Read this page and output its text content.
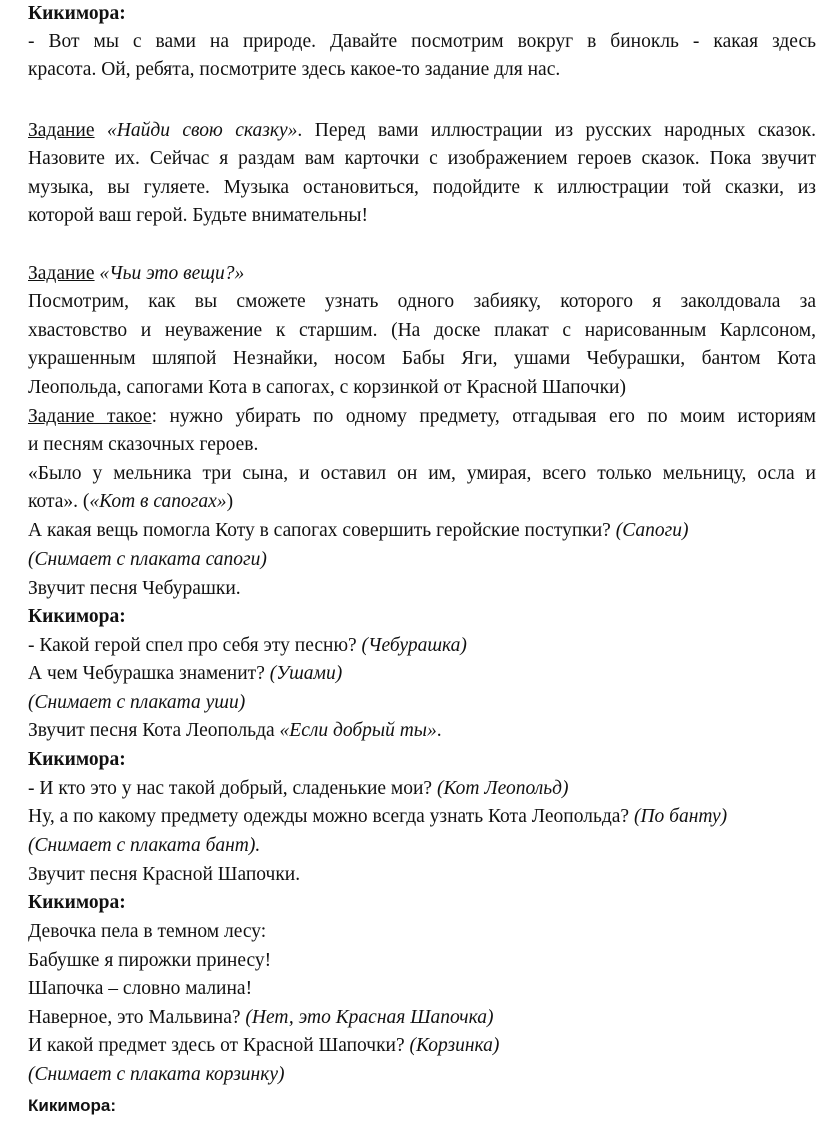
Кикимора:
- Вот мы с вами на природе. Давайте посмотрим вокруг в бинокль - какая здесь
красота. Ой, ребята, посмотрите здесь какое-то задание для нас.
Задание «Найди свою сказку». Перед вами иллюстрации из русских народных сказок.
Назовите их. Сейчас я раздам вам карточки с изображением героев сказок. Пока звучит
музыка, вы гуляете. Музыка остановиться, подойдите к иллюстрации той сказки, из
которой ваш герой. Будьте внимательны!
Задание «Чьи это вещи?»
Посмотрим, как вы сможете узнать одного забияку, которого я заколдовала за
хвастовство и неуважение к старшим. (На доске плакат с нарисованным Карлсоном,
украшенным шляпой Незнайки, носом Бабы Яги, ушами Чебурашки, бантом Кота
Леопольда, сапогами Кота в сапогах, с корзинкой от Красной Шапочки)
Задание такое: нужно убирать по одному предмету, отгадывая его по моим историям
и песням сказочных героев.
«Было у мельника три сына, и оставил он им, умирая, всего только мельницу, осла и
кота». («Кот в сапогах»)
А какая вещь помогла Коту в сапогах совершить геройские поступки? (Сапоги)
(Снимает с плаката сапоги)
Звучит песня Чебурашки.
Кикимора:
- Какой герой спел про себя эту песню? (Чебурашка)
А чем Чебурашка знаменит? (Ушами)
(Снимает с плаката уши)
Звучит песня Кота Леопольда «Если добрый ты».
Кикимора:
- И кто это у нас такой добрый, сладенькие мои? (Кот Леопольд)
Ну, а по какому предмету одежды можно всегда узнать Кота Леопольда? (По банту)
(Снимает с плаката бант).
Звучит песня Красной Шапочки.
Кикимора:
Девочка пела в темном лесу:
Бабушке я пирожки принесу!
Шапочка – словно малина!
Наверное, это Мальвина? (Нет, это Красная Шапочка)
И какой предмет здесь от Красной Шапочки? (Корзинка)
(Снимает с плаката корзинку)
Кикимора:
